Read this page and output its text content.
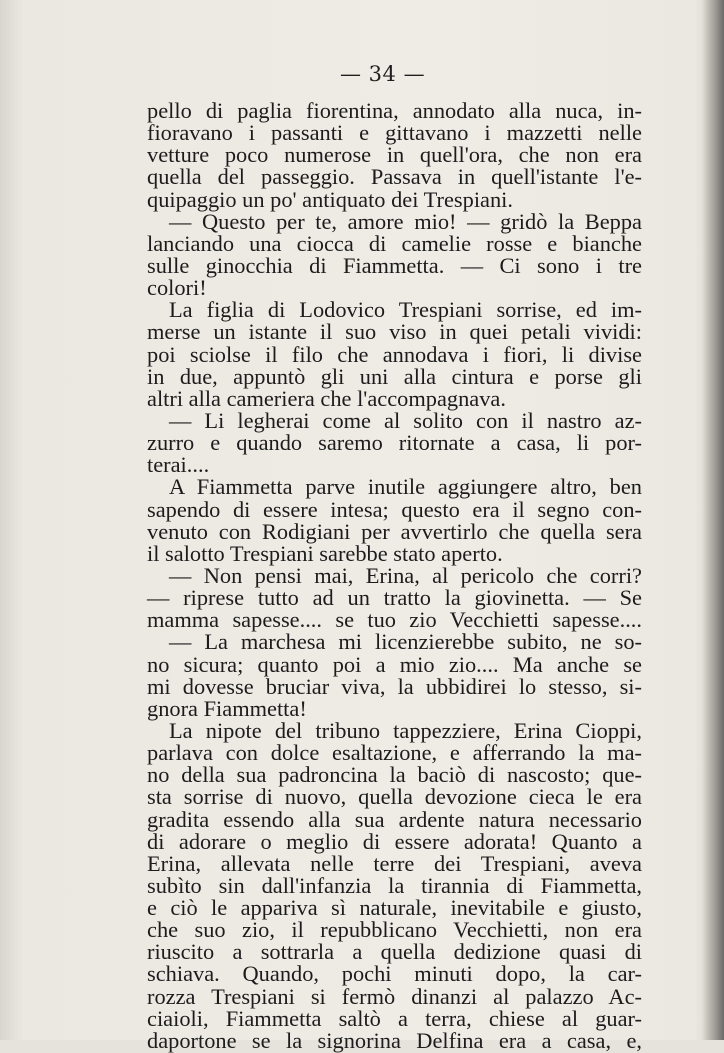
— 34 —
pello di paglia fiorentina, annodato alla nuca, in-
fioravano i passanti e gittavano i mazzetti nelle
vetture poco numerose in quell'ora, che non era
quella del passeggio. Passava in quell'istante l'e-
quipaggio un po' antiquato dei Trespiani.
— Questo per te, amore mio! — gridò la Beppa
lanciando una ciocca di camelie rosse e bianche
sulle ginocchia di Fiammetta. — Ci sono i tre
colori!
La figlia di Lodovico Trespiani sorrise, ed im-
merse un istante il suo viso in quei petali vividi:
poi sciolse il filo che annodava i fiori, li divise
in due, appuntò gli uni alla cintura e porse gli
altri alla cameriera che l'accompagnava.
— Li legherai come al solito con il nastro az-
zurro e quando saremo ritornate a casa, li por-
terai....
A Fiammetta parve inutile aggiungere altro, ben
sapendo di essere intesa; questo era il segno con-
venuto con Rodigiani per avvertirlo che quella sera
il salotto Trespiani sarebbe stato aperto.
— Non pensi mai, Erina, al pericolo che corri?
— riprese tutto ad un tratto la giovinetta. — Se
mamma sapesse.... se tuo zio Vecchietti sapesse....
— La marchesa mi licenzierebbe subito, ne so-
no sicura; quanto poi a mio zio.... Ma anche se
mi dovesse bruciar viva, la ubbidirei lo stesso, si-
gnora Fiammetta!
La nipote del tribuno tappezziere, Erina Cioppi,
parlava con dolce esaltazione, e afferrando la ma-
no della sua padroncina la baciò di nascosto; que-
sta sorrise di nuovo, quella devozione cieca le era
gradita essendo alla sua ardente natura necessario
di adorare o meglio di essere adorata! Quanto a
Erina, allevata nelle terre dei Trespiani, aveva
subìto sin dall'infanzia la tirannia di Fiammetta,
e ciò le appariva sì naturale, inevitabile e giusto,
che suo zio, il repubblicano Vecchietti, non era
riuscito a sottrarla a quella dedizione quasi di
schiava. Quando, pochi minuti dopo, la car-
rozza Trespiani si fermò dinanzi al palazzo Ac-
ciaioli, Fiammetta saltò a terra, chiese al guar-
daportone se la signorina Delfina era a casa, e,
